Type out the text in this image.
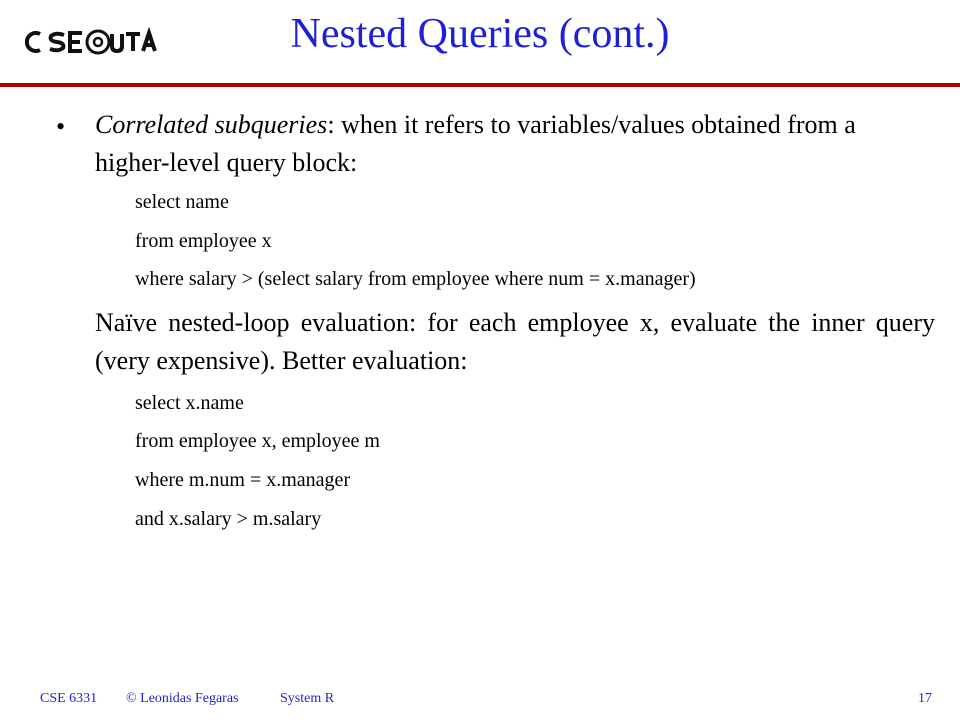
Nested Queries (cont.)
• Correlated subqueries: when it refers to variables/values obtained from a higher-level query block:
select name
from employee x
where salary > (select salary from employee where num = x.manager)
Naïve nested-loop evaluation: for each employee x, evaluate the inner query (very expensive). Better evaluation:
select x.name
from employee x, employee m
where m.num = x.manager
and x.salary > m.salary
CSE 6331 © Leonidas Fegaras	System R	17
